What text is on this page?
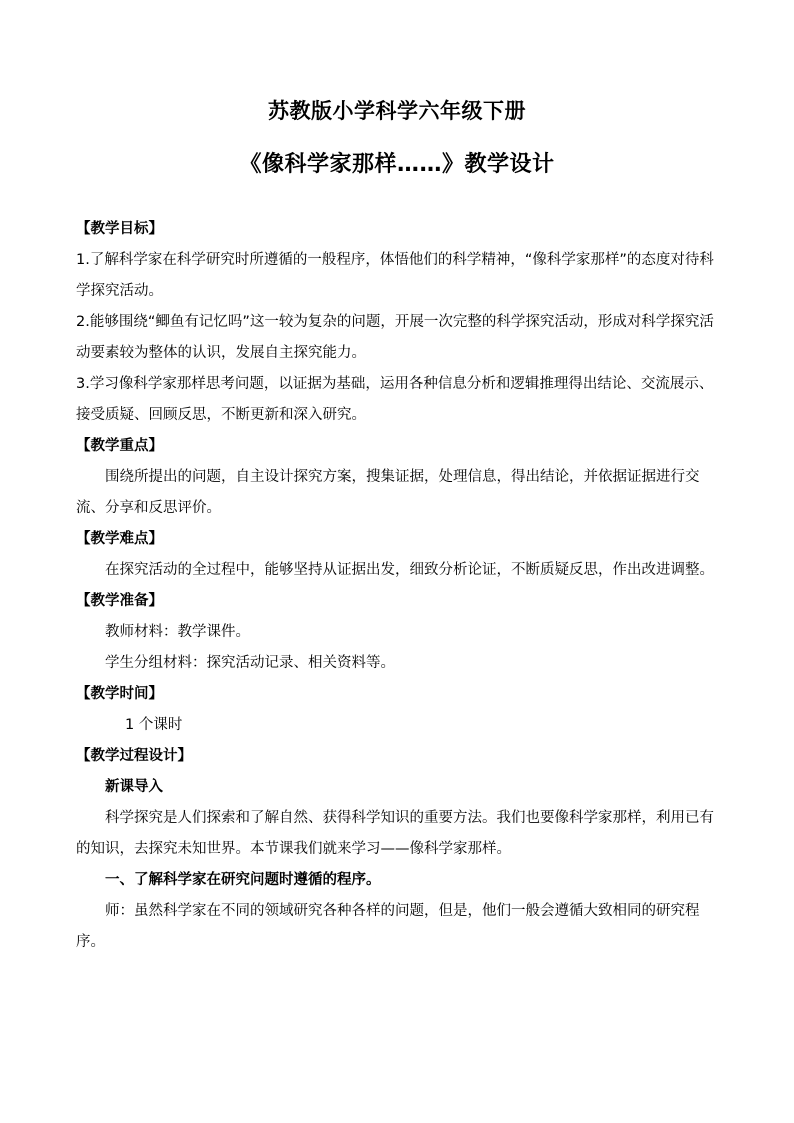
苏教版小学科学六年级下册
《像科学家那样……》教学设计

【教学目标】

1.了解科学家在科学研究时所遵循的一般程序，体悟他们的科学精神，“像科学家那样”的态度对待科学探究活动。

2.能够围绕“鲫鱼有记忆吗”这一较为复杂的问题，开展一次完整的科学探究活动，形成对科学探究活动要素较为整体的认识，发展自主探究能力。

3.学习像科学家那样思考问题，以证据为基础，运用各种信息分析和逻辑推理得出结论、交流展示、接受质疑、回顾反思，不断更新和深入研究。

【教学重点】

围绕所提出的问题，自主设计探究方案，搜集证据，处理信息，得出结论，并依据证据进行交流、分享和反思评价。

【教学难点】

在探究活动的全过程中，能够坚持从证据出发，细致分析论证，不断质疑反思，作出改进调整。

【教学准备】

教师材料：教学课件。

学生分组材料：探究活动记录、相关资料等。

【教学时间】

1 个课时

【教学过程设计】

新课导入

科学探究是人们探索和了解自然、获得科学知识的重要方法。我们也要像科学家那样，利用已有的知识，去探究未知世界。本节课我们就来学习——像科学家那样。

一、了解科学家在研究问题时遵循的程序。

师：虽然科学家在不同的领域研究各种各样的问题，但是，他们一般会遵循大致相同的研究程序。
